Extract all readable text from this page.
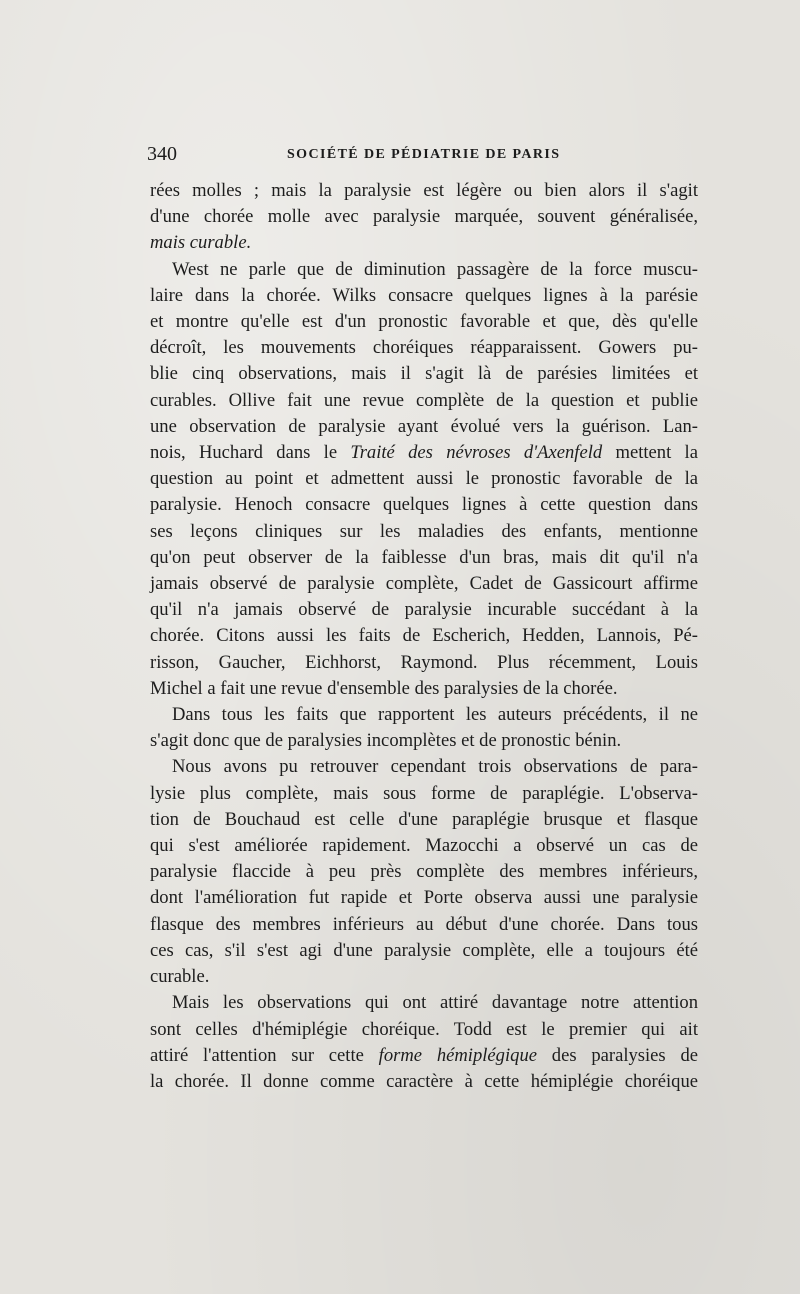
340	SOCIÉTÉ DE PÉDIATRIE DE PARIS

rées molles ; mais la paralysie est légère ou bien alors il s'agit
d'une chorée molle avec paralysie marquée, souvent généralisée,
mais curable.

West ne parle que de diminution passagère de la force muscu-
laire dans la chorée. Wilks consacre quelques lignes à la parésie
et montre qu'elle est d'un pronostic favorable et que, dès qu'elle
décroît, les mouvements choréiques réapparaissent. Gowers pu-
blie cinq observations, mais il s'agit là de parésies limitées et
curables. Ollive fait une revue complète de la question et publie
une observation de paralysie ayant évolué vers la guérison. Lan-
nois, Huchard dans le Traité des névroses d'Axenfeld mettent la
question au point et admettent aussi le pronostic favorable de la
paralysie. Henoch consacre quelques lignes à cette question dans
ses leçons cliniques sur les maladies des enfants, mentionne
qu'on peut observer de la faiblesse d'un bras, mais dit qu'il n'a
jamais observé de paralysie complète, Cadet de Gassicourt affirme
qu'il n'a jamais observé de paralysie incurable succédant à la
chorée. Citons aussi les faits de Escherich, Hedden, Lannois, Pé-
risson, Gaucher, Eichhorst, Raymond. Plus récemment, Louis
Michel a fait une revue d'ensemble des paralysies de la chorée.

Dans tous les faits que rapportent les auteurs précédents, il ne
s'agit donc que de paralysies incomplètes et de pronostic bénin.

Nous avons pu retrouver cependant trois observations de para-
lysie plus complète, mais sous forme de paraplégie. L'observa-
tion de Bouchaud est celle d'une paraplégie brusque et flasque
qui s'est améliorée rapidement. Mazocchi a observé un cas de
paralysie flaccide à peu près complète des membres inférieurs,
dont l'amélioration fut rapide et Porte observa aussi une paralysie
flasque des membres inférieurs au début d'une chorée. Dans tous
ces cas, s'il s'est agi d'une paralysie complète, elle a toujours été
curable.

Mais les observations qui ont attiré davantage notre attention
sont celles d'hémiplégie choréique. Todd est le premier qui ait
attiré l'attention sur cette forme hémiplégique des paralysies de
la chorée. Il donne comme caractère à cette hémiplégie choréique
